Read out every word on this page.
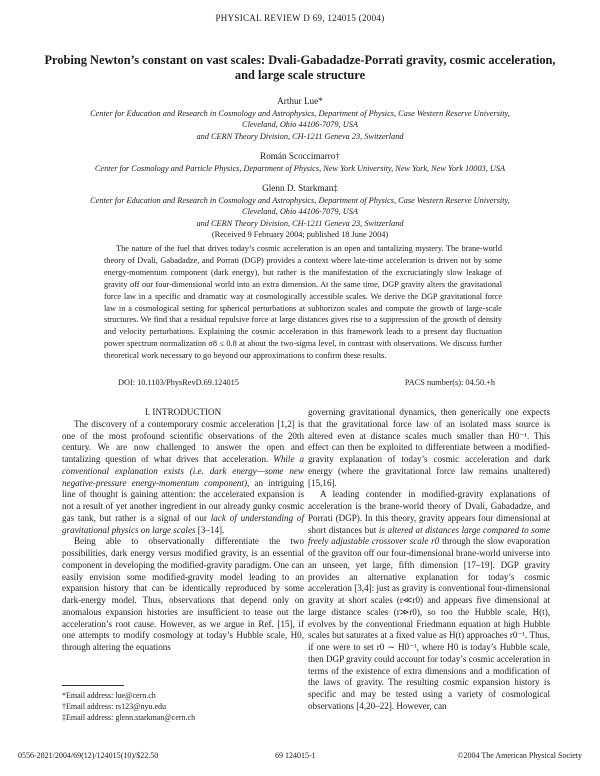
PHYSICAL REVIEW D 69, 124015 (2004)
Probing Newton’s constant on vast scales: Dvali-Gabadadze-Porrati gravity, cosmic acceleration,
and large scale structure
Arthur Lue*
Center for Education and Research in Cosmology and Astrophysics, Department of Physics, Case Western Reserve University,
Cleveland, Ohio 44106-7079, USA
and CERN Theory Division, CH-1211 Geneva 23, Switzerland
Román Scoccimarro†
Center for Cosmology and Particle Physics, Department of Physics, New York University, New York, New York 10003, USA
Glenn D. Starkman‡
Center for Education and Research in Cosmology and Astrophysics, Department of Physics, Case Western Reserve University,
Cleveland, Ohio 44106-7079, USA
and CERN Theory Division, CH-1211 Geneva 23, Switzerland
(Received 9 February 2004; published 18 June 2004)
The nature of the fuel that drives today’s cosmic acceleration is an open and tantalizing mystery. The brane-world theory of Dvali, Gabadadze, and Porrati (DGP) provides a context where late-time acceleration is driven not by some energy-momentum component (dark energy), but rather is the manifestation of the excruciatingly slow leakage of gravity off our four-dimensional world into an extra dimension. At the same time, DGP gravity alters the gravitational force law in a specific and dramatic way at cosmologically accessible scales. We derive the DGP gravitational force law in a cosmological setting for spherical perturbations at subhorizon scales and compute the growth of large-scale structures. We find that a residual repulsive force at large distances gives rise to a suppression of the growth of density and velocity perturbations. Explaining the cosmic acceleration in this framework leads to a present day fluctuation power spectrum normalization σ8 ≤ 0.8 at about the two-sigma level, in contrast with observations. We discuss further theoretical work necessary to go beyond our approximations to confirm these results.
DOI: 10.1103/PhysRevD.69.124015	PACS number(s): 04.50.+h

I. INTRODUCTION

The discovery of a contemporary cosmic acceleration [1,2] is one of the most profound scientific observations of the 20th century. We are now challenged to answer the open and tantalizing question of what drives that acceleration. While a conventional explanation exists (i.e. dark energy—some new negative-pressure energy-momentum component), an intriguing line of thought is gaining attention: the accelerated expansion is not a result of yet another ingredient in our already gunky cosmic gas tank, but rather is a signal of our lack of understanding of gravitational physics on large scales [3–14].

Being able to observationally differentiate the two possibilities, dark energy versus modified gravity, is an essential component in developing the modified-gravity paradigm. One can easily envision some modified-gravity model leading to an expansion history that can be identically reproduced by some dark-energy model. Thus, observations that depend only on anomalous expansion histories are insufficient to tease out the acceleration’s root cause. However, as we argue in Ref. [15], if one attempts to modify cosmology at today’s Hubble scale, H0, through altering the equations

governing gravitational dynamics, then generically one expects that the gravitational force law of an isolated mass source is altered even at distance scales much smaller than H0⁻¹. This effect can then be exploited to differentiate between a modified-gravity explanation of today’s cosmic acceleration and dark energy (where the gravitational force law remains unaltered) [15,16].

A leading contender in modified-gravity explanations of acceleration is the brane-world theory of Dvali, Gabadadze, and Porrati (DGP). In this theory, gravity appears four dimensional at short distances but is altered at distances large compared to some freely adjustable crossover scale r0 through the slow evaporation of the graviton off our four-dimensional brane-world universe into an unseen, yet large, fifth dimension [17–19]. DGP gravity provides an alternative explanation for today’s cosmic acceleration [3,4]: just as gravity is conventional four-dimensional gravity at short scales (r≪r0) and appears five dimensional at large distance scales (r≫r0), so too the Hubble scale, H(t), evolves by the conventional Friedmann equation at high Hubble scales but saturates at a fixed value as H(t) approaches r0⁻¹. Thus, if one were to set r0 ∼ H0⁻¹, where H0 is today’s Hubble scale, then DGP gravity could account for today’s cosmic acceleration in terms of the existence of extra dimensions and a modification of the laws of gravity. The resulting cosmic expansion history is specific and may be tested using a variety of cosmological observations [4,20–22]. However, can

*Email address: lue@cern.ch
†Email address: rs123@nyu.edu
‡Email address: glenn.starkman@cern.ch
0556-2821/2004/69(12)/124015(10)/$22.50	69 124015-1	©2004 The American Physical Society
